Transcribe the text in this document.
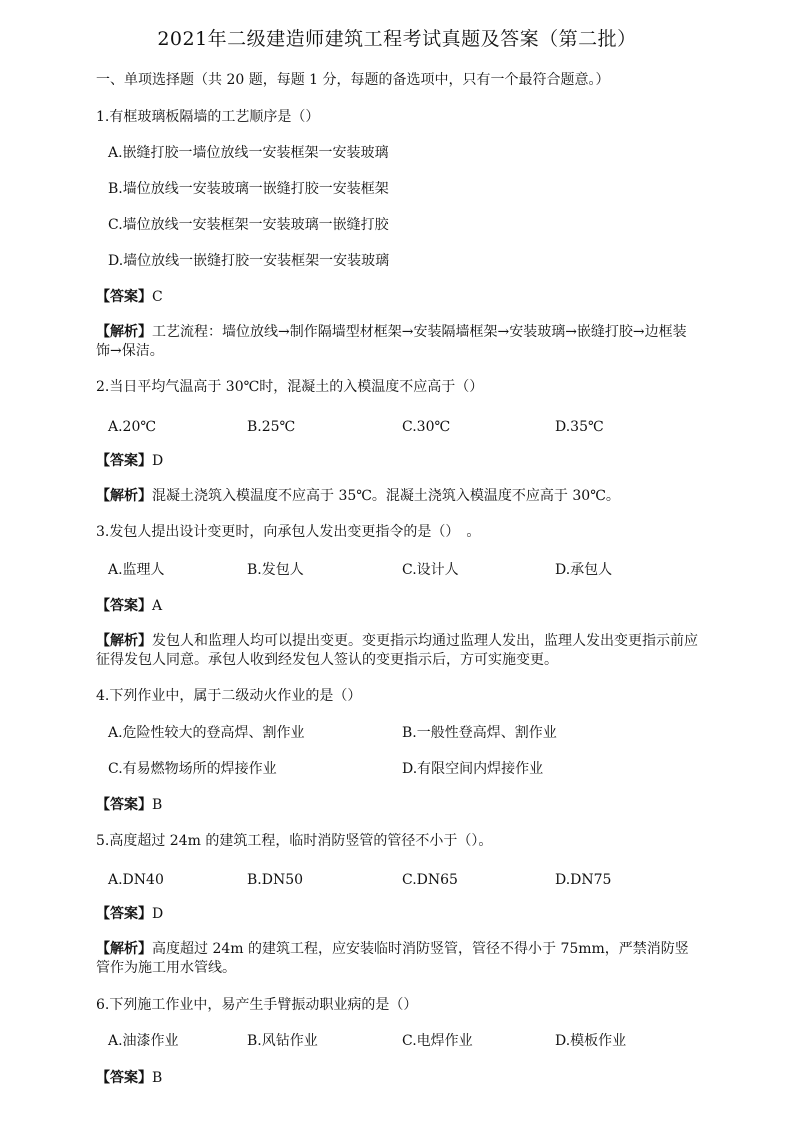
2021年二级建造师建筑工程考试真题及答案（第二批）
一、单项选择题（共 20 题，每题 1 分，每题的备选项中，只有一个最符合题意。）
1.有框玻璃板隔墙的工艺顺序是（）
A.嵌缝打胶一墙位放线一安装框架一安装玻璃
B.墙位放线一安装玻璃一嵌缝打胶一安装框架
C.墙位放线一安装框架一安装玻璃一嵌缝打胶
D.墙位放线一嵌缝打胶一安装框架一安装玻璃
【答案】C
【解析】工艺流程：墙位放线→制作隔墙型材框架→安装隔墙框架→安装玻璃→嵌缝打胶→边框装饰→保洁。
2.当日平均气温高于 30℃时，混凝土的入模温度不应高于（）
A.20℃	B.25℃	C.30℃	D.35℃
【答案】D
【解析】混凝土浇筑入模温度不应高于 35℃。混凝土浇筑入模温度不应高于 30℃。
3.发包人提出设计变更时，向承包人发出变更指令的是（）　。
A.监理人	B.发包人	C.设计人	D.承包人
【答案】A
【解析】发包人和监理人均可以提出变更。变更指示均通过监理人发出，监理人发出变更指示前应征得发包人同意。承包人收到经发包人签认的变更指示后，方可实施变更。
4.下列作业中，属于二级动火作业的是（）
A.危险性较大的登高焊、割作业	B.一般性登高焊、割作业
C.有易燃物场所的焊接作业	D.有限空间内焊接作业
【答案】B
5.高度超过 24m 的建筑工程，临时消防竖管的管径不小于（）。
A.DN40	B.DN50	C.DN65	D.DN75
【答案】D
【解析】高度超过 24m 的建筑工程，应安装临时消防竖管，管径不得小于 75mm，严禁消防竖管作为施工用水管线。
6.下列施工作业中，易产生手臂振动职业病的是（）
A.油漆作业	B.风钻作业	C.电焊作业	D.模板作业
【答案】B
